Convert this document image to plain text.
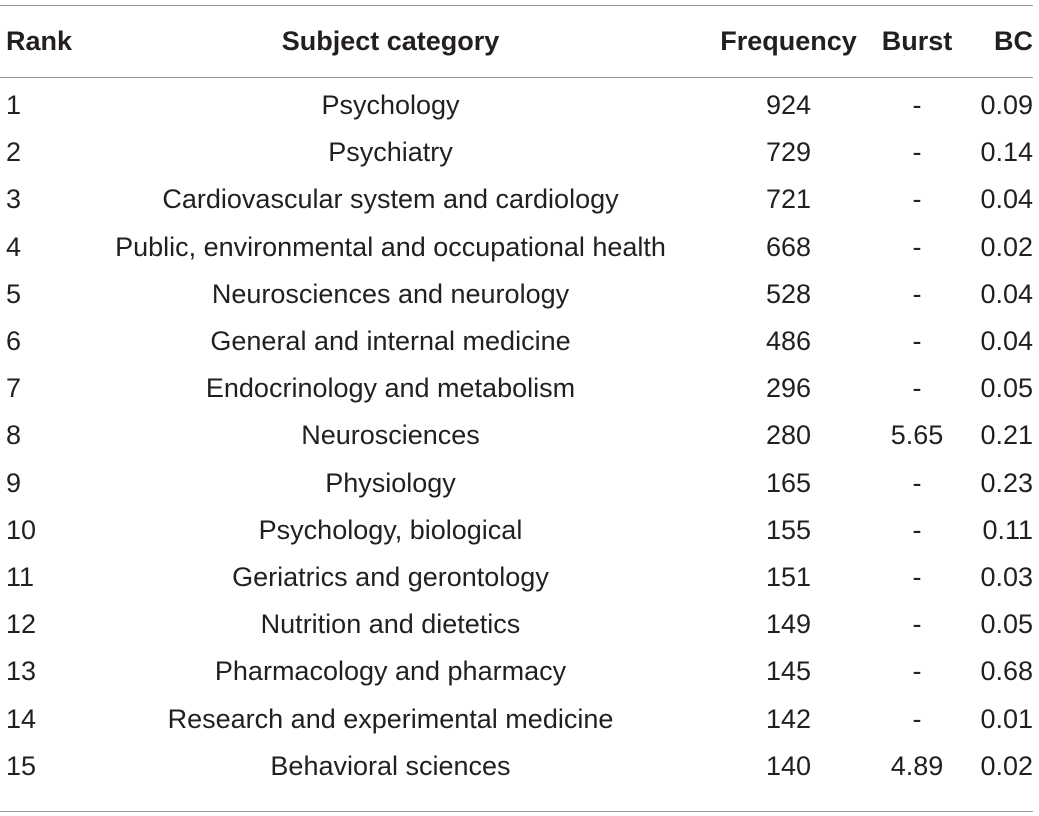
Rank	Subject category	Frequency	Burst	BC
1	Psychology	924	-	0.09
2	Psychiatry	729	-	0.14
3	Cardiovascular system and cardiology	721	-	0.04
4	Public, environmental and occupational health	668	-	0.02
5	Neurosciences and neurology	528	-	0.04
6	General and internal medicine	486	-	0.04
7	Endocrinology and metabolism	296	-	0.05
8	Neurosciences	280	5.65	0.21
9	Physiology	165	-	0.23
10	Psychology, biological	155	-	0.11
11	Geriatrics and gerontology	151	-	0.03
12	Nutrition and dietetics	149	-	0.05
13	Pharmacology and pharmacy	145	-	0.68
14	Research and experimental medicine	142	-	0.01
15	Behavioral sciences	140	4.89	0.02
